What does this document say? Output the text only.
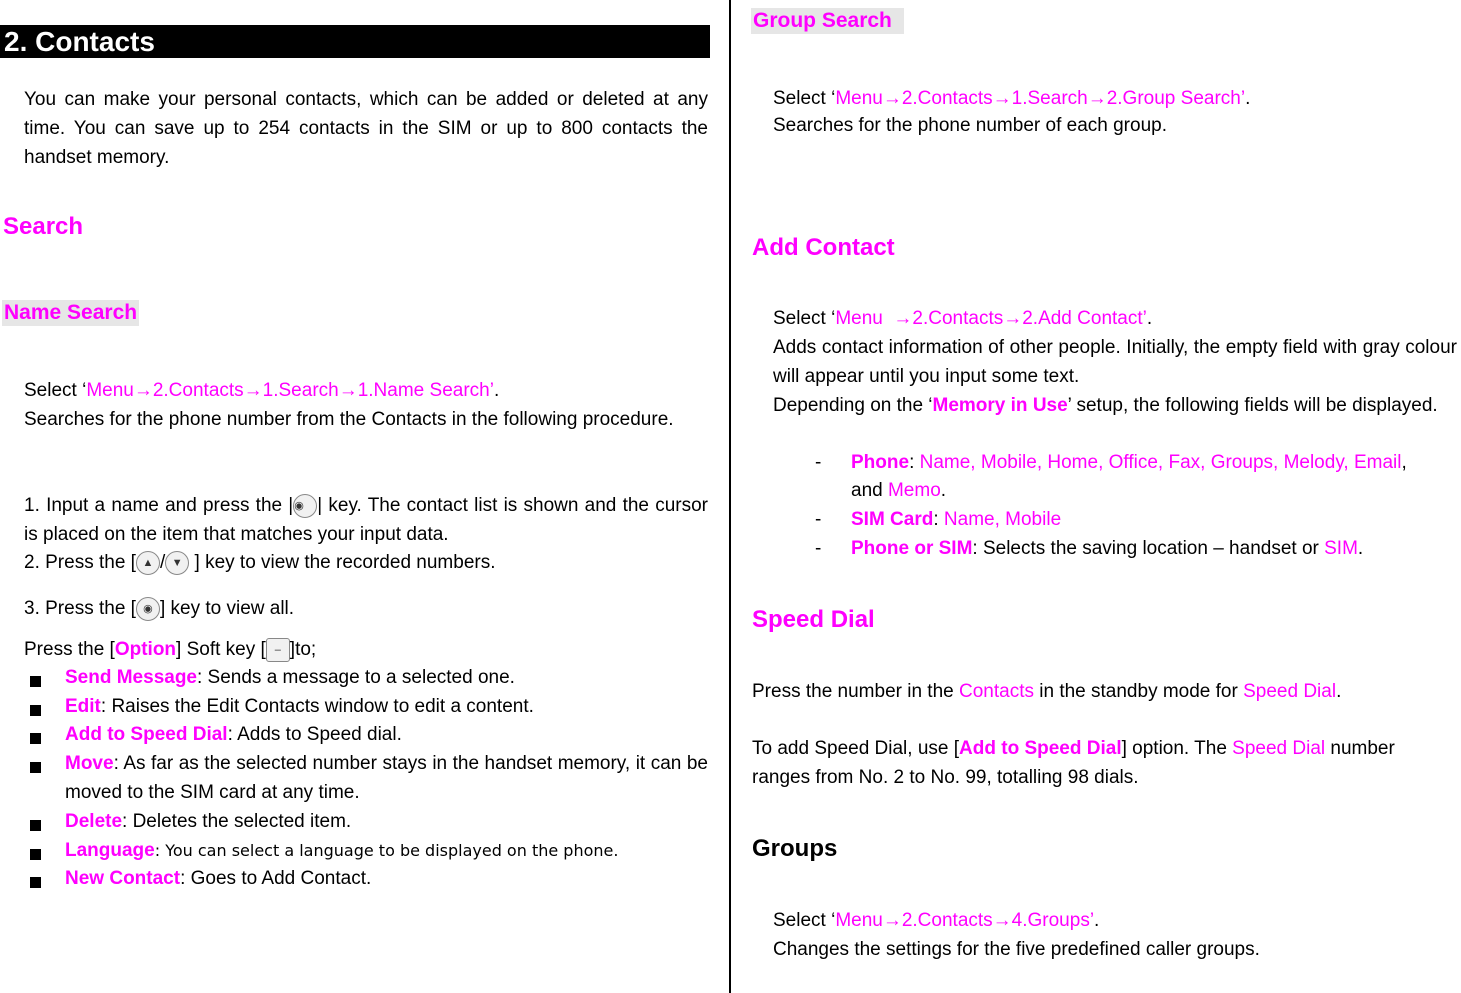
2. Contacts
You can make your personal contacts, which can be added or deleted at any time. You can save up to 254 contacts in the SIM or up to 800 contacts the handset memory.
Search
Name Search
Select ‘Menu→2.Contacts→1.Search→1.Name Search’.
Searches for the phone number from the Contacts in the following procedure.
1. Input a name and press the |◉ | key. The contact list is shown and the cursor is placed on the item that matches your input data.
2. Press the [ ▲ / ▼ ] key to view the recorded numbers.
3. Press the [ ◉ ] key to view all.
Press the [Option] Soft key [ – ]to;
Send Message: Sends a message to a selected one.
Edit: Raises the Edit Contacts window to edit a content.
Add to Speed Dial: Adds to Speed dial.
Move: As far as the selected number stays in the handset memory, it can be moved to the SIM card at any time.
Delete: Deletes the selected item.
Language: You can select a language to be displayed on the phone.
New Contact: Goes to Add Contact.
Group Search
Select ‘Menu→2.Contacts→1.Search→2.Group Search’.
Searches for the phone number of each group.
Add Contact
Select ‘Menu  →2.Contacts→2.Add Contact’.
Adds contact information of other people. Initially, the empty field with gray colour will appear until you input some text.
Depending on the ‘Memory in Use’ setup, the following fields will be displayed.
- Phone: Name, Mobile, Home, Office, Fax, Groups, Melody, Email,
and Memo.
- SIM Card: Name, Mobile
- Phone or SIM: Selects the saving location – handset or SIM.
Speed Dial
Press the number in the Contacts in the standby mode for Speed Dial.
To add Speed Dial, use [Add to Speed Dial] option. The Speed Dial number ranges from No. 2 to No. 99, totalling 98 dials.
Groups
Select ‘Menu→2.Contacts→4.Groups’.
Changes the settings for the five predefined caller groups.
